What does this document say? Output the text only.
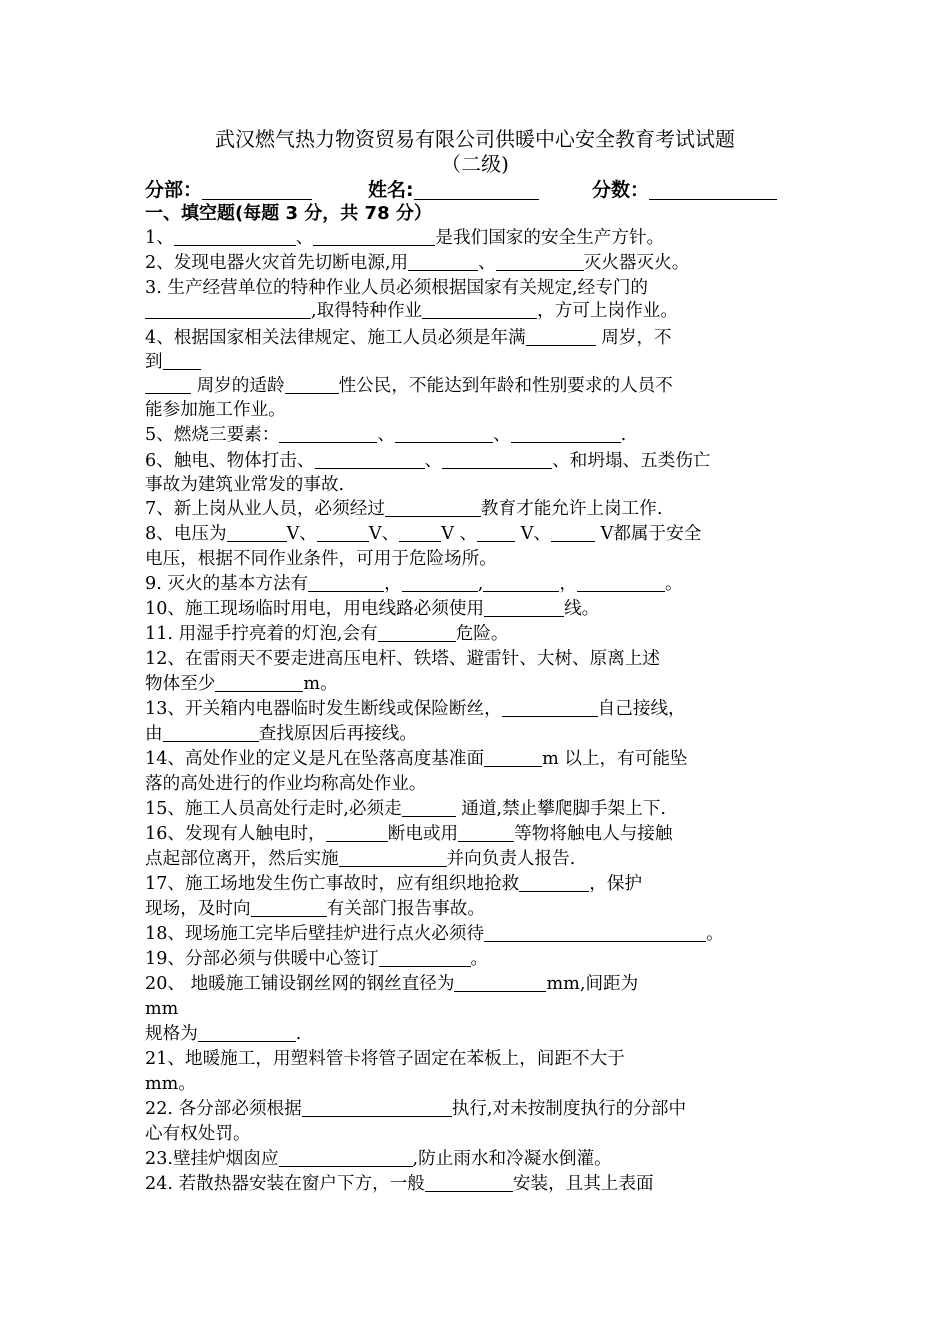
武汉燃气热力物资贸易有限公司供暖中心安全教育考试试题
（二级)
分部：	姓名:	分数：
一、填空题(每题 3 分，共 78 分）
1、	、	是我们国家的安全生产方针。
2、发现电器火灾首先切断电源,用	、	灭火器灭火。
3. 生产经营单位的特种作业人员必须根据国家有关规定,经专门的
,取得特种作业	，方可上岗作业。
4、根据国家相关法律规定、施工人员必须是年满	周岁，不
到
周岁的适龄	性公民，不能达到年龄和性别要求的人员不
能参加施工作业。
5、燃烧三要素：	、	、	.
6、触电、物体打击、	、	、和坍塌、五类伤亡
事故为建筑业常发的事故.
7、新上岗从业人员，必须经过	教育才能允许上岗工作.
8、电压为	V、	V、 V 、 V、	V都属于安全
电压，根据不同作业条件，可用于危险场所。
9. 灭火的基本方法有	，	,	，	。
10、施工现场临时用电，用电线路必须使用	线。
11. 用湿手拧亮着的灯泡,会有	危险。
12、在雷雨天不要走进高压电杆、铁塔、避雷针、大树、原离上述
物体至少	m。
13、开关箱内电器临时发生断线或保险断丝，	自己接线，
由	查找原因后再接线。
14、高处作业的定义是凡在坠落高度基准面	m 以上，有可能坠
落的高处进行的作业均称高处作业。
15、施工人员高处行走时,必须走	通道,禁止攀爬脚手架上下.
16、发现有人触电时，	断电或用	等物将触电人与接触
点起部位离开，然后实施	并向负责人报告.
17、施工场地发生伤亡事故时，应有组织地抢救	，保护
现场，及时向	有关部门报告事故。
18、现场施工完毕后壁挂炉进行点火必须待	。
19、分部必须与供暖中心签订	。
20、 地暖施工铺设钢丝网的钢丝直径为	mm,间距为
mm
规格为	.
21、地暖施工，用塑料管卡将管子固定在苯板上，间距不大于
mm。
22. 各分部必须根据	执行,对未按制度执行的分部中
心有权处罚。
23.壁挂炉烟囱应	,防止雨水和冷凝水倒灌。
24. 若散热器安装在窗户下方，一般	安装，且其上表面
